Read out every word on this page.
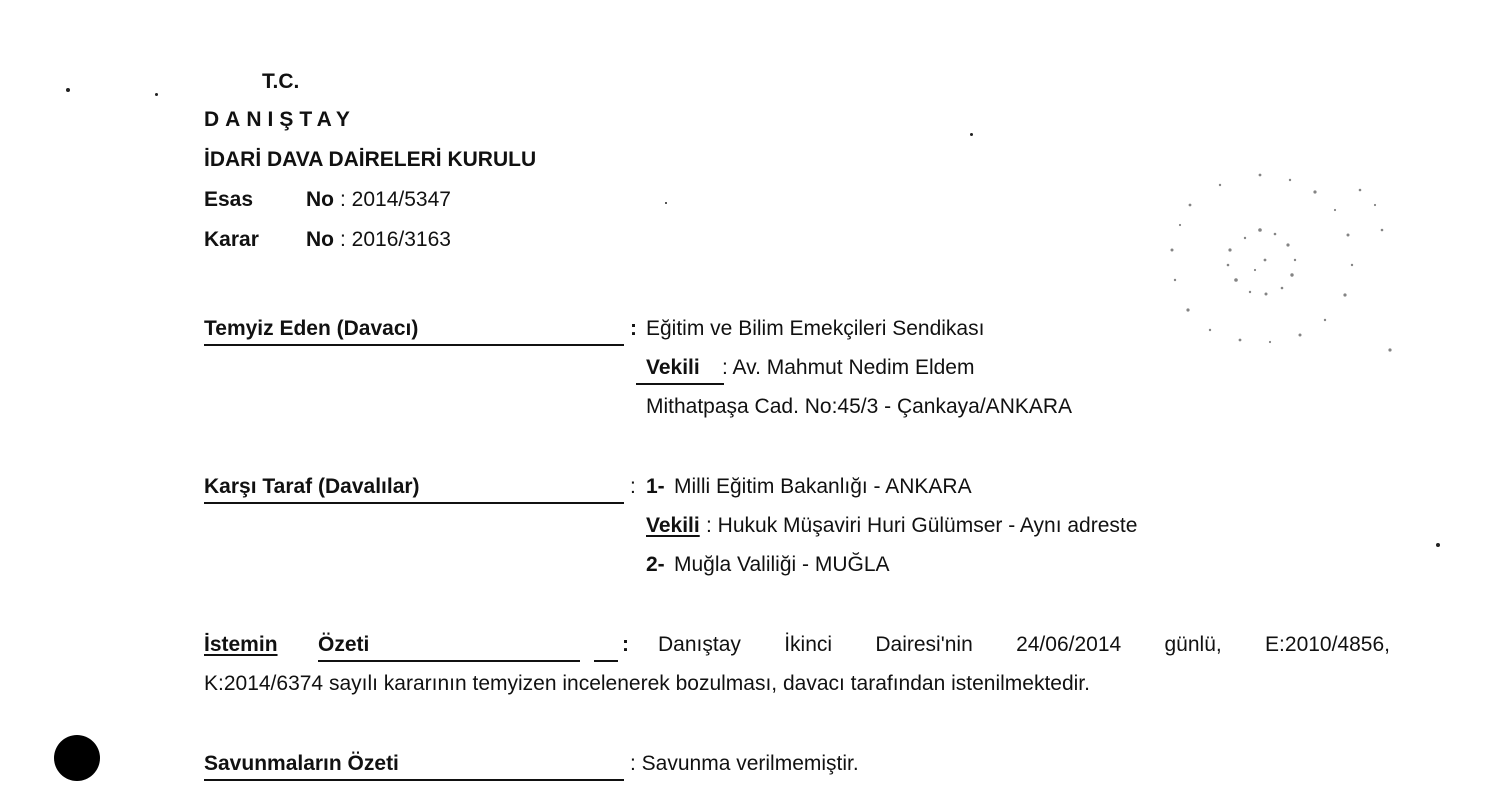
T.C.
DANIŞTAY
İDARİ DAVA DAİRELERİ KURULU
Esas	No : 2014/5347
Karar No : 2016/3163
Temyiz Eden (Davacı)	: Eğitim ve Bilim Emekçileri Sendikası
Vekili : Av. Mahmut Nedim Eldem
Mithatpaşa Cad. No:45/3 - Çankaya/ANKARA
Karşı Taraf (Davalılar)	: 1- Milli Eğitim Bakanlığı - ANKARA
Vekili : Hukuk Müşaviri Huri Gülümser - Aynı adreste
2- Muğla Valiliği - MUĞLA
İstemin Özeti	: Danıştay İkinci Dairesi'nin 24/06/2014 günlü, E:2010/4856,
K:2014/6374 sayılı kararının temyizen incelenerek bozulması, davacı tarafından istenilmektedir.
Savunmaların Özeti	: Savunma verilmemiştir.
